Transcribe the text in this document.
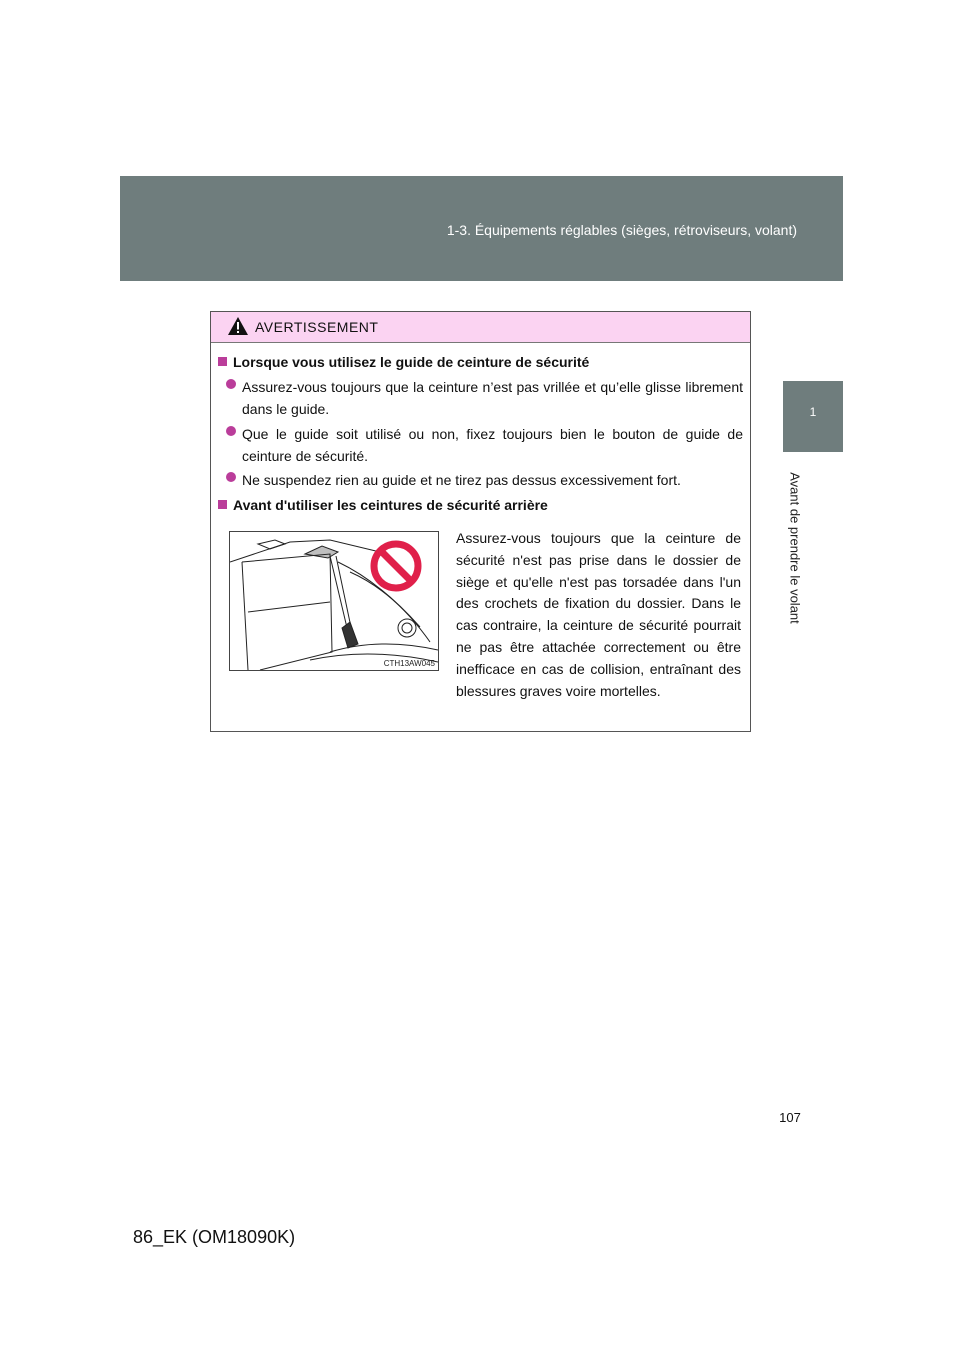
1-3. Équipements réglables (sièges, rétroviseurs, volant)
1
Avant de prendre le volant
AVERTISSEMENT
Lorsque vous utilisez le guide de ceinture de sécurité
Assurez-vous toujours que la ceinture n’est pas vrillée et qu’elle glisse librement dans le guide.
Que le guide soit utilisé ou non, fixez toujours bien le bouton de guide de ceinture de sécurité.
Ne suspendez rien au guide et ne tirez pas dessus excessivement fort.
Avant d'utiliser les ceintures de sécurité arrière
CTH13AW045
Assurez-vous toujours que la ceinture de sécurité n'est pas prise dans le dossier de siège et qu'elle n'est pas torsadée dans l'un des crochets de fixation du dossier. Dans le cas contraire, la ceinture de sécurité pourrait ne pas être attachée correctement ou être inefficace en cas de collision, entraînant des blessures graves voire mortelles.
107
86_EK (OM18090K)
